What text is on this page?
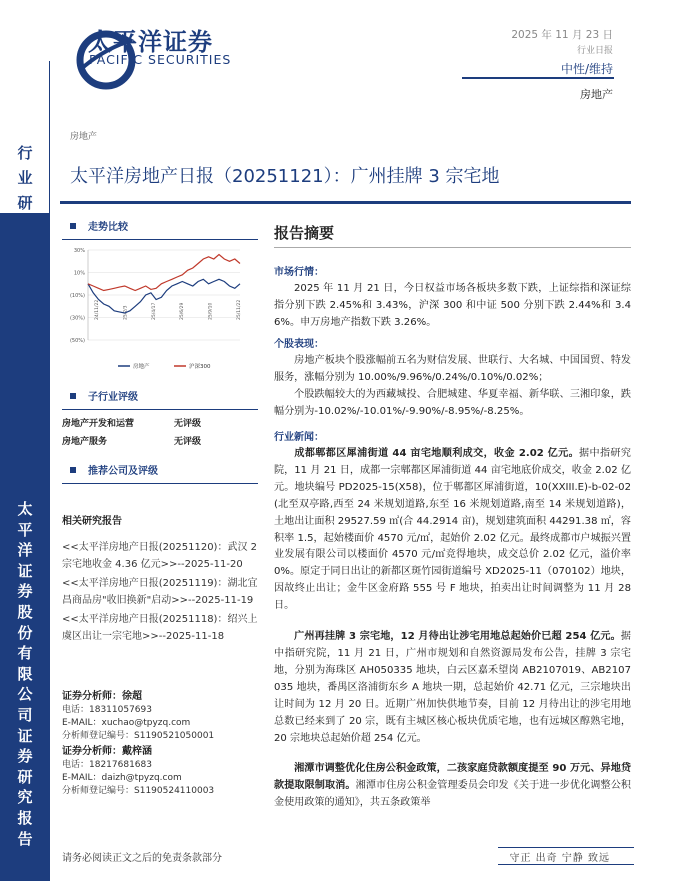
太平洋证券
PACIFIC SECURITIES
2025 年 11 月 23 日
行业日报
中性/维持
房地产
行业研
太平洋证券股份有限公司证券研究报告
房地产
太平洋房地产日报（20251121）：广州挂牌 3 宗宅地
走势比较
30%
10%
(10%)
(30%)
(50%)
24/11/22	25/2/3	25/4/17	25/6/29	25/9/10	25/11/22
房地产	沪深300
子行业评级
房地产开发和运营	无评级
房地产服务	无评级
推荐公司及评级
相关研究报告
<<太平洋房地产日报(20251120)：武汉 2 宗宅地收金 4.36 亿元>>--2025-11-20
<<太平洋房地产日报(20251119)：湖北宜昌商品房"收旧换新"启动>>--2025-11-19
<<太平洋房地产日报(20251118)：绍兴上虞区出让一宗宅地>>--2025-11-18
证券分析师：徐超
电话：18311057693
E-MAIL：xuchao@tpyzq.com
分析师登记编号：S1190521050001
证券分析师：戴梓涵
电话：18217681683
E-MAIL：daizh@tpyzq.com
分析师登记编号：S1190524110003
报告摘要
市场行情：
2025 年 11 月 21 日，今日权益市场各板块多数下跌，上证综指和深证综指分别下跌 2.45%和 3.43%，沪深 300 和中证 500 分别下跌 2.44%和 3.46%。申万房地产指数下跌 3.26%。
个股表现：
房地产板块个股涨幅前五名为财信发展、世联行、大名城、中国国贸、特发服务，涨幅分别为 10.00%/9.96%/0.24%/0.10%/0.02%；
个股跌幅较大的为西藏城投、合肥城建、华夏幸福、新华联、三湘印象，跌幅分别为-10.02%/-10.01%/-9.90%/-8.95%/-8.25%。
行业新闻：
成都郫都区犀浦街道 44 亩宅地顺利成交，收金 2.02 亿元。据中指研究院，11 月 21 日，成都一宗郫都区犀浦街道 44 亩宅地底价成交，收金 2.02 亿元。地块编号 PD2025-15(X58)，位于郫都区犀浦街道，10(XXIII.E)-b-02-02(北至双亭路,西至 24 米规划道路,东至 16 米规划道路,南至 14 米规划道路)，土地出让面积 29527.59 ㎡(合 44.2914 亩)，规划建筑面积 44291.38 ㎡，容积率 1.5，起始楼面价 4570 元/㎡，起始价 2.02 亿元。最终成都市户城振兴置业发展有限公司以楼面价 4570 元/㎡竞得地块，成交总价 2.02 亿元，溢价率 0%。原定于同日出让的新都区斑竹园街道编号 XD2025-11（070102）地块，因故终止出让；金牛区金府路 555 号 F 地块，拍卖出让时间调整为 11 月 28 日。
广州再挂牌 3 宗宅地，12 月待出让涉宅用地总起始价已超 254 亿元。据中指研究院，11 月 21 日，广州市规划和自然资源局发布公告，挂牌 3 宗宅地，分别为海珠区 AH050335 地块，白云区嘉禾望岗 AB2107019、AB2107035 地块，番禺区洛浦街东乡 A 地块一期，总起始价 42.71 亿元，三宗地块出让时间为 12 月 20 日。近期广州加快供地节奏，目前 12 月待出让的涉宅用地总数已经来到了 20 宗，既有主城区核心板块优质宅地，也有远城区醇熟宅地，20 宗地块总起始价超 254 亿元。
湘潭市调整优化住房公积金政策，二孩家庭贷款额度提至 90 万元、异地贷款提取限制取消。湘潭市住房公积金管理委员会印发《关于进一步优化调整公积金使用政策的通知》，共五条政策举
请务必阅读正文之后的免责条款部分	守正 出奇 宁静 致远
